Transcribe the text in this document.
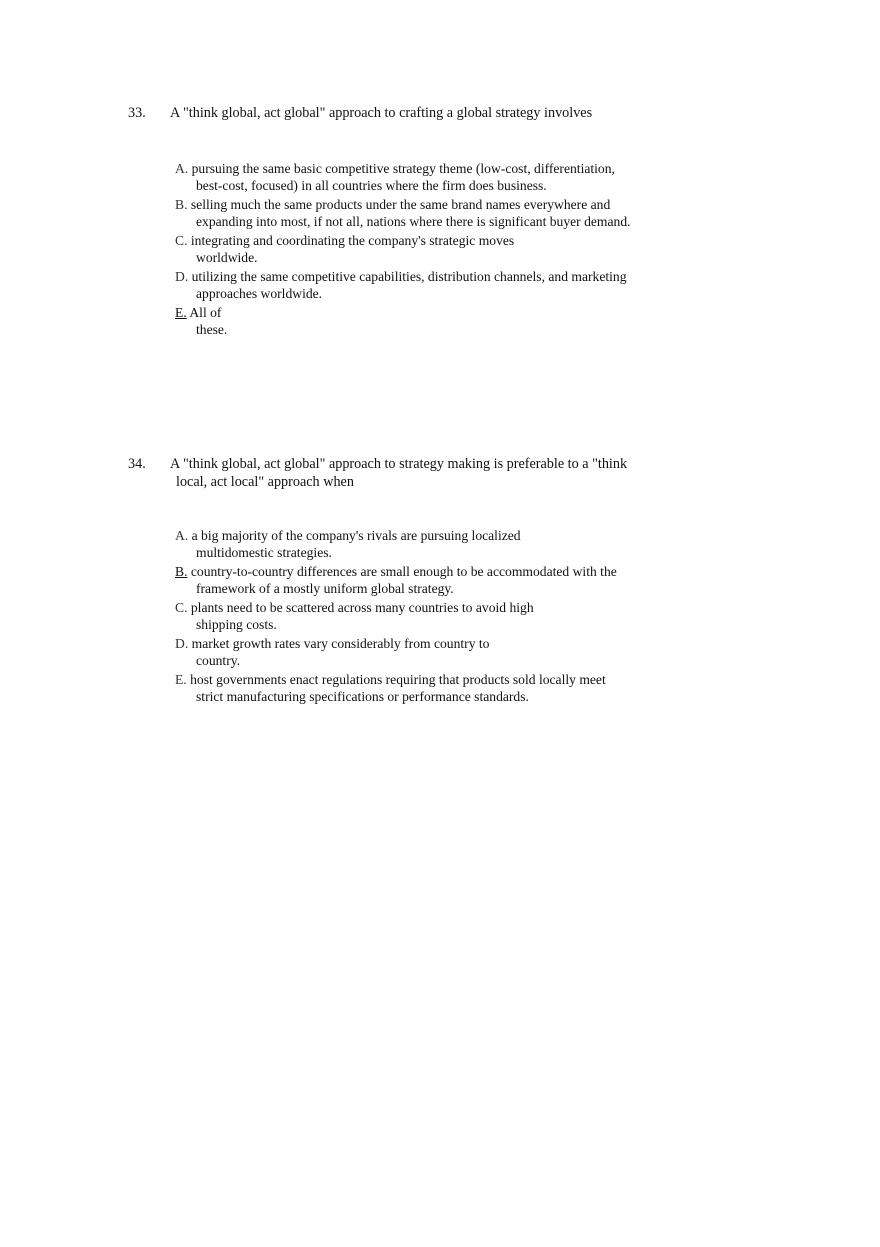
33. A "think global, act global" approach to crafting a global strategy involves
A. pursuing the same basic competitive strategy theme (low-cost, differentiation,
best-cost, focused) in all countries where the firm does business.
B. selling much the same products under the same brand names everywhere and
expanding into most, if not all, nations where there is significant buyer demand.
C. integrating and coordinating the company's strategic moves
worldwide.
D. utilizing the same competitive capabilities, distribution channels, and marketing
approaches worldwide.
E. All of
these.
34. A "think global, act global" approach to strategy making is preferable to a "think
local, act local" approach when
A. a big majority of the company's rivals are pursuing localized
multidomestic strategies.
B. country-to-country differences are small enough to be accommodated with the
framework of a mostly uniform global strategy.
C. plants need to be scattered across many countries to avoid high
shipping costs.
D. market growth rates vary considerably from country to
country.
E. host governments enact regulations requiring that products sold locally meet
strict manufacturing specifications or performance standards.
